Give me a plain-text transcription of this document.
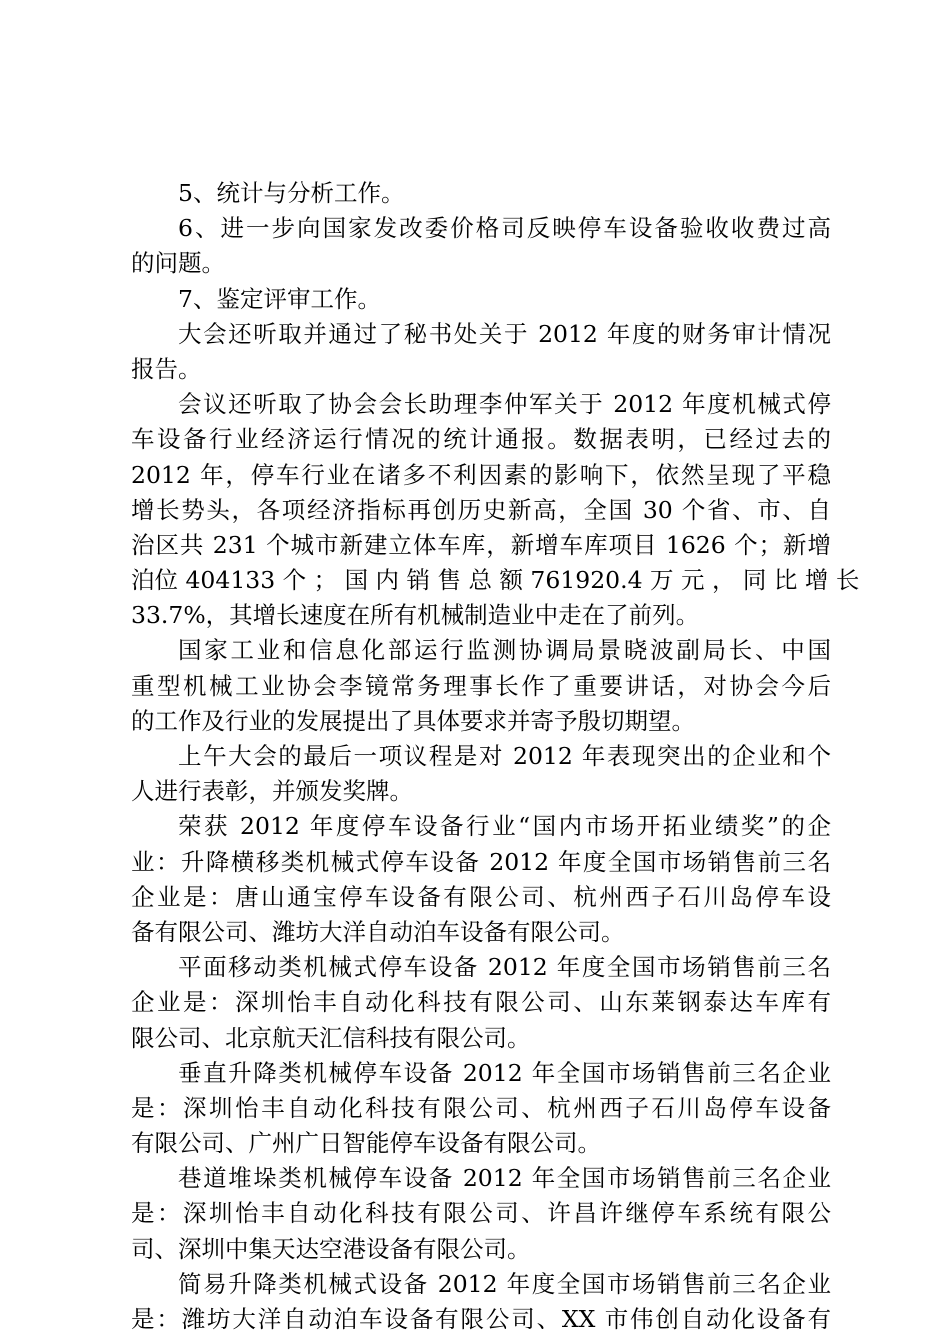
5、统计与分析工作。
6、进一步向国家发改委价格司反映停车设备验收收费过高
的问题。
7、鉴定评审工作。
大会还听取并通过了秘书处关于 2012 年度的财务审计情况
报告。
会议还听取了协会会长助理李仲军关于 2012 年度机械式停
车设备行业经济运行情况的统计通报。数据表明，已经过去的
2012 年，停车行业在诸多不利因素的影响下，依然呈现了平稳
增长势头，各项经济指标再创历史新高，全国 30 个省、市、自
治区共 231 个城市新建立体车库，新增车库项目 1626 个；新增
泊位 404133 个 ； 国 内 销 售 总 额 761920.4 万 元 ， 同 比 增 长
33.7%，其增长速度在所有机械制造业中走在了前列。
国家工业和信息化部运行监测协调局景晓波副局长、中国
重型机械工业协会李镜常务理事长作了重要讲话，对协会今后
的工作及行业的发展提出了具体要求并寄予殷切期望。
上午大会的最后一项议程是对 2012 年表现突出的企业和个
人进行表彰，并颁发奖牌。
荣获 2012 年度停车设备行业“国内市场开拓业绩奖”的企
业：升降横移类机械式停车设备 2012 年度全国市场销售前三名
企业是：唐山通宝停车设备有限公司、杭州西子石川岛停车设
备有限公司、潍坊大洋自动泊车设备有限公司。
平面移动类机械式停车设备 2012 年度全国市场销售前三名
企业是：深圳怡丰自动化科技有限公司、山东莱钢泰达车库有
限公司、北京航天汇信科技有限公司。
垂直升降类机械停车设备 2012 年全国市场销售前三名企业
是：深圳怡丰自动化科技有限公司、杭州西子石川岛停车设备
有限公司、广州广日智能停车设备有限公司。
巷道堆垛类机械停车设备 2012 年全国市场销售前三名企业
是：深圳怡丰自动化科技有限公司、许昌许继停车系统有限公
司、深圳中集天达空港设备有限公司。
简易升降类机械式设备 2012 年度全国市场销售前三名企业
是：潍坊大洋自动泊车设备有限公司、XX 市伟创自动化设备有
